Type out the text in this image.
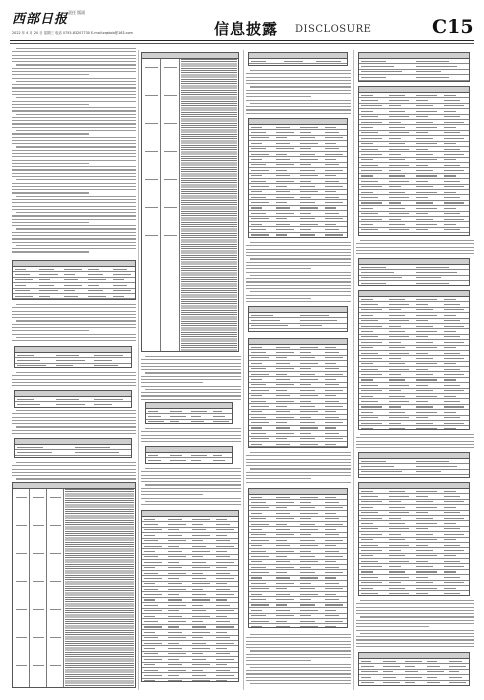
西部日报 责任 版面
2022 年 4 月 20 日 星期三 电话 0755-83207730 E-mail:zqsbcb@163.com	信息披露 DISCLOSURE	C15
